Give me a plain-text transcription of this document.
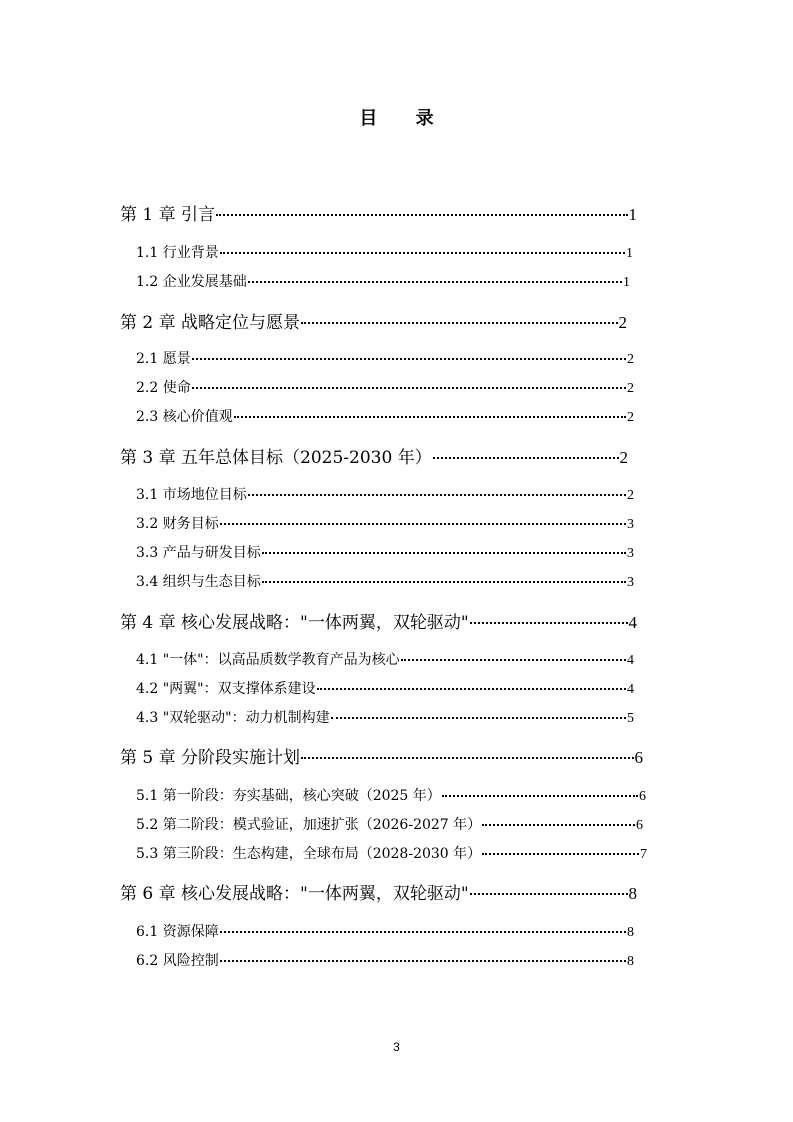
目 录
第 1 章 引言	1
1.1 行业背景	1
1.2 企业发展基础	1
第 2 章 战略定位与愿景	2
2.1 愿景	2
2.2 使命	2
2.3 核心价值观	2
第 3 章 五年总体目标（2025-2030 年）	2
3.1 市场地位目标	2
3.2 财务目标	3
3.3 产品与研发目标	3
3.4 组织与生态目标	3
第 4 章 核心发展战略："一体两翼，双轮驱动"	4
4.1 "一体"：以高品质数学教育产品为核心	4
4.2 "两翼"：双支撑体系建设	4
4.3 "双轮驱动"：动力机制构建	5
第 5 章 分阶段实施计划	6
5.1 第一阶段：夯实基础，核心突破（2025 年）	6
5.2 第二阶段：模式验证，加速扩张（2026-2027 年）	6
5.3 第三阶段：生态构建，全球布局（2028-2030 年）	7
第 6 章 核心发展战略："一体两翼，双轮驱动"	8
6.1 资源保障	8
6.2 风险控制	8
3
